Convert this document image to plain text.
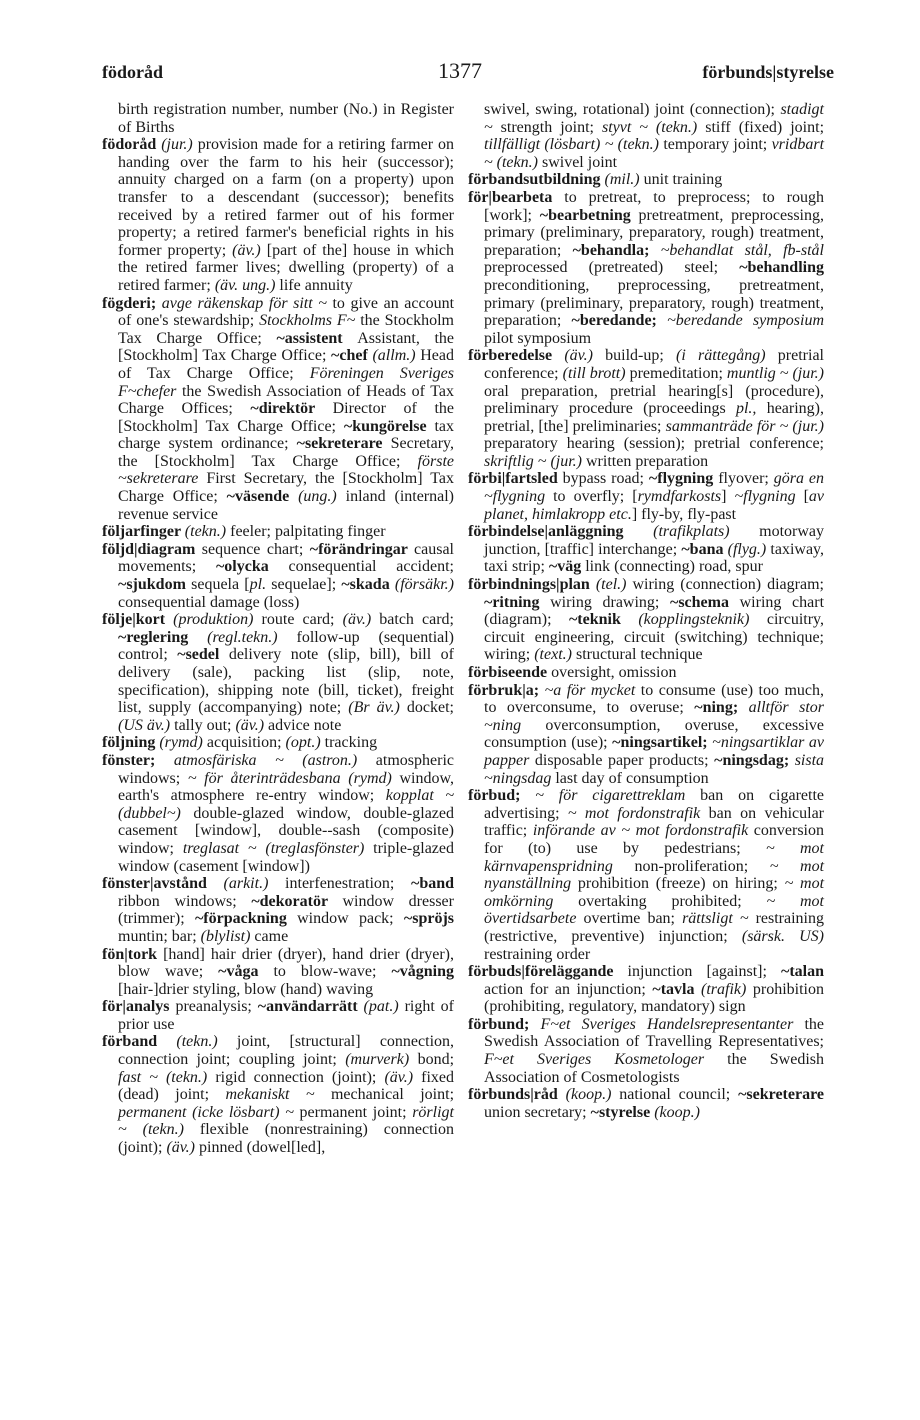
födoråd	1377	förbunds|styrelse

birth registration number, number (No.) in Register of Births

födoråd (jur.) provision made for a retiring farmer on handing over the farm to his heir (successor); annuity charged on a farm (on a property) upon transfer to a descendant (successor); benefits received by a retired farmer out of his former property; a retired farmer's beneficial rights in his former property; (äv.) [part of the] house in which the retired farmer lives; dwelling (property) of a retired farmer; (äv. ung.) life annuity

fögderi; avge räkenskap för sitt ~ to give an account of one's stewardship; Stockholms F~ the Stockholm Tax Charge Office; ~assistent Assistant, the [Stockholm] Tax Charge Office; ~chef (allm.) Head of Tax Charge Office; Föreningen Sveriges F~chefer the Swedish Association of Heads of Tax Charge Offices; ~direktör Director of the [Stockholm] Tax Charge Office; ~kungörelse tax charge system ordinance; ~sekreterare Secretary, the [Stockholm] Tax Charge Office; förste ~sekreterare First Secretary, the [Stockholm] Tax Charge Office; ~väsende (ung.) inland (internal) revenue service

följarfinger (tekn.) feeler; palpitating finger

följd|diagram sequence chart; ~förändringar causal movements; ~olycka consequential accident; ~sjukdom sequela [pl. sequelae]; ~skada (försäkr.) consequential damage (loss)

följe|kort (produktion) route card; (äv.) batch card; ~reglering (regl.tekn.) follow-up (sequential) control; ~sedel delivery note (slip, bill), bill of delivery (sale), packing list (slip, note, specification), shipping note (bill, ticket), freight list, supply (accompanying) note; (Br äv.) docket; (US äv.) tally out; (äv.) advice note

följning (rymd) acquisition; (opt.) tracking

fönster; atmosfäriska ~ (astron.) atmospheric windows; ~ för återinträdesbana (rymd) window, earth's atmosphere re-entry window; kopplat ~ (dubbel~) double-glazed window, double-glazed casement [window], double--sash (composite) window; treglasat ~ (treglasfönster) triple-glazed window (casement [window])

fönster|avstånd (arkit.) interfenestration; ~band ribbon windows; ~dekoratör window dresser (trimmer); ~förpackning window pack; ~spröjs muntin; bar; (blylist) came

fön|tork [hand] hair drier (dryer), hand drier (dryer), blow wave; ~våga to blow-wave; ~vågning [hair-]drier styling, blow (hand) waving

för|analys preanalysis; ~användarrätt (pat.) right of prior use

förband (tekn.) joint, [structural] connection, connection joint; coupling joint; (murverk) bond; fast ~ (tekn.) rigid connection (joint); (äv.) fixed (dead) joint; mekaniskt ~ mechanical joint; permanent (icke lösbart) ~ permanent joint; rörligt ~ (tekn.) flexible (nonrestraining) connection (joint); (äv.) pinned (dowel[led],

swivel, swing, rotational) joint (connection); stadigt ~ strength joint; styvt ~ (tekn.) stiff (fixed) joint; tillfälligt (lösbart) ~ (tekn.) temporary joint; vridbart ~ (tekn.) swivel joint

förbandsutbildning (mil.) unit training

för|bearbeta to pretreat, to preprocess; to rough [work]; ~bearbetning pretreatment, preprocessing, primary (preliminary, preparatory, rough) treatment, preparation; ~behandla; ~behandlat stål, fb-stål preprocessed (pretreated) steel; ~behandling preconditioning, preprocessing, pretreatment, primary (preliminary, preparatory, rough) treatment, preparation; ~beredande; ~beredande symposium pilot symposium

förberedelse (äv.) build-up; (i rättegång) pretrial conference; (till brott) premeditation; muntlig ~ (jur.) oral preparation, pretrial hearing[s] (procedure), preliminary procedure (proceedings pl., hearing), pretrial, [the] preliminaries; sammanträde för ~ (jur.) preparatory hearing (session); pretrial conference; skriftlig ~ (jur.) written preparation

förbi|fartsled bypass road; ~flygning flyover; göra en ~flygning to overfly; [rymdfarkosts] ~flygning [av planet, himlakropp etc.] fly-by, fly-past

förbindelse|anläggning (trafikplats) motorway junction, [traffic] interchange; ~bana (flyg.) taxiway, taxi strip; ~väg link (connecting) road, spur

förbindnings|plan (tel.) wiring (connection) diagram; ~ritning wiring drawing; ~schema wiring chart (diagram); ~teknik (kopplingsteknik) circuitry, circuit engineering, circuit (switching) technique; wiring; (text.) structural technique

förbiseende oversight, omission

förbruk|a; ~a för mycket to consume (use) too much, to overconsume, to overuse; ~ning; alltför stor ~ning overconsumption, overuse, excessive consumption (use); ~ningsartikel; ~ningsartiklar av papper disposable paper products; ~ningsdag; sista ~ningsdag last day of consumption

förbud; ~ för cigarettreklam ban on cigarette advertising; ~ mot fordonstrafik ban on vehicular traffic; införande av ~ mot fordonstrafik conversion for (to) use by pedestrians; ~ mot kärnvapenspridning non-proliferation; ~ mot nyanställning prohibition (freeze) on hiring; ~ mot omkörning overtaking prohibited; ~ mot övertidsarbete overtime ban; rättsligt ~ restraining (restrictive, preventive) injunction; (särsk. US) restraining order

förbuds|föreläggande injunction [against]; ~talan action for an injunction; ~tavla (trafik) prohibition (prohibiting, regulatory, mandatory) sign

förbund; F~et Sveriges Handelsrepresentanter the Swedish Association of Travelling Representatives; F~et Sveriges Kosmetologer the Swedish Association of Cosmetologists

förbunds|råd (koop.) national council; ~sekreterare union secretary; ~styrelse (koop.)
